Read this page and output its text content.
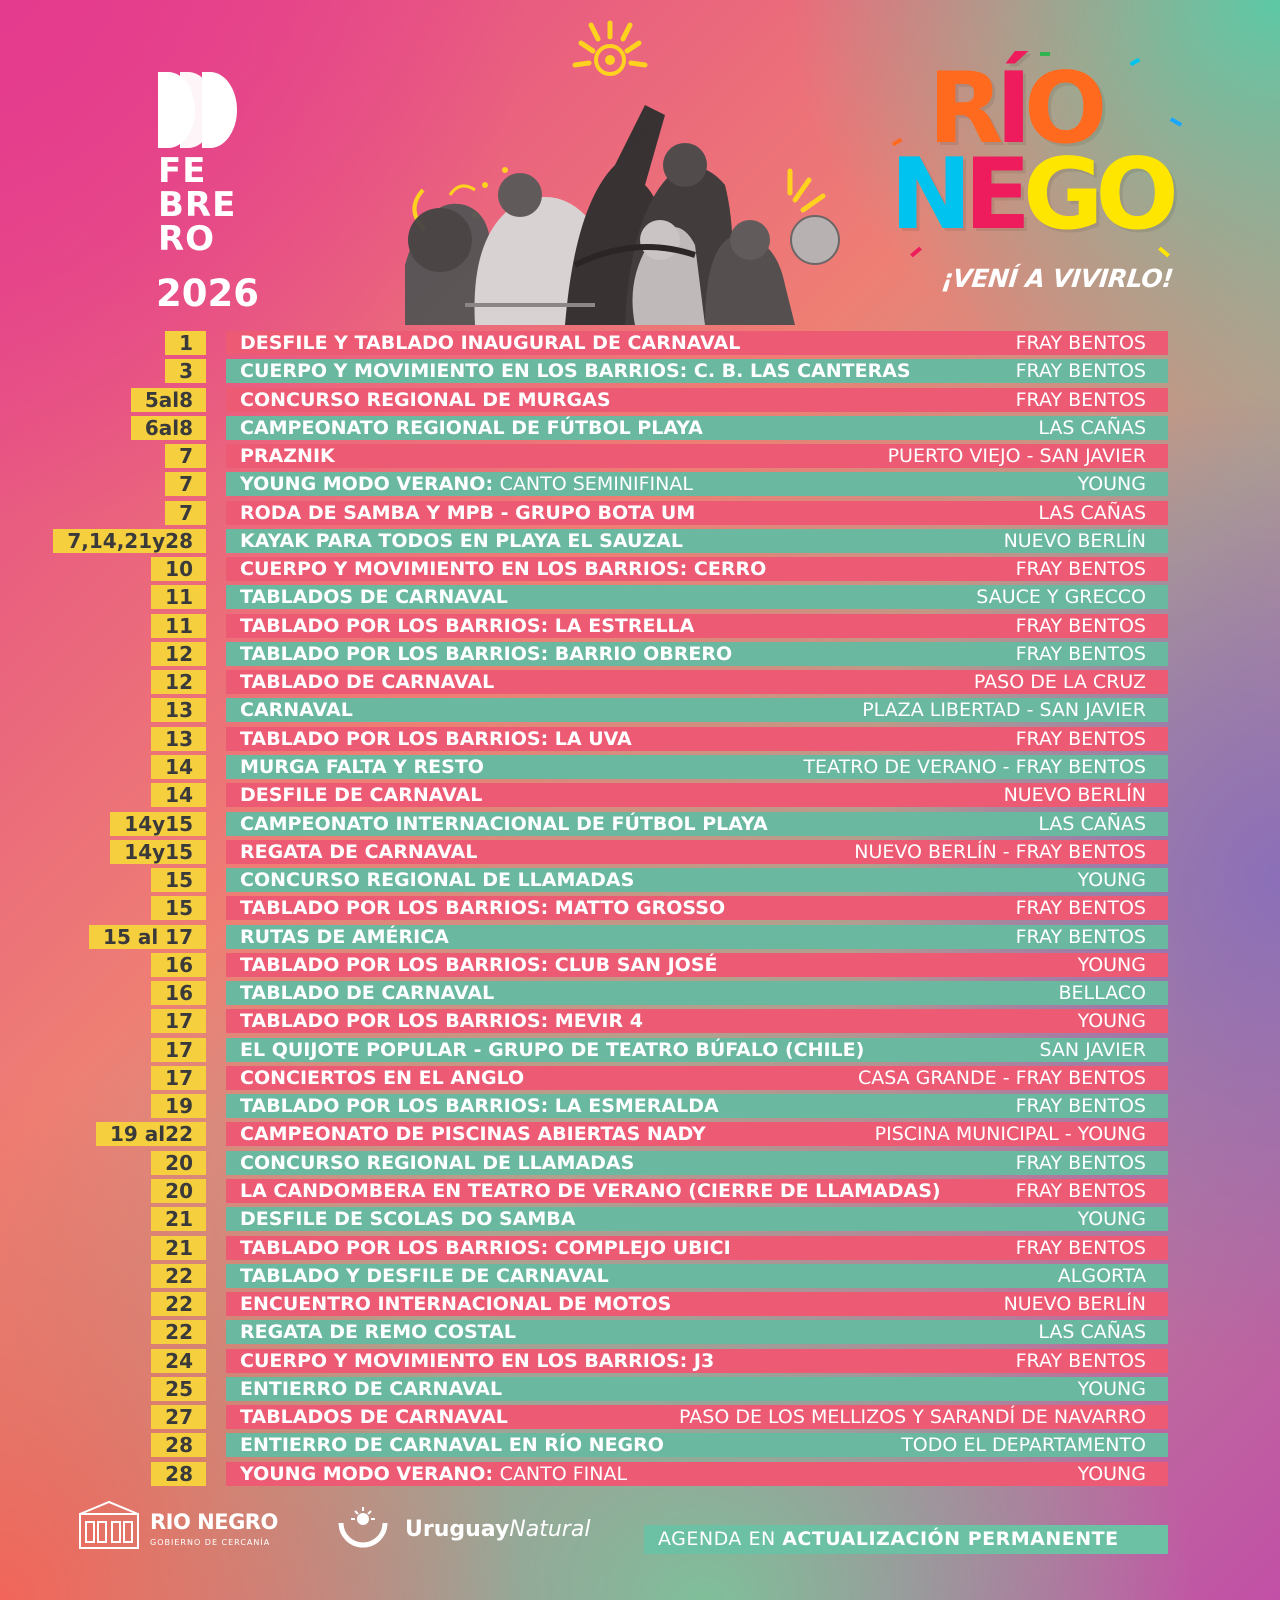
FE
BRE
RO
2026
RÍO
NEGO
¡VENÍ A VIVIRLO!
1	DESFILE Y TABLADO INAUGURAL DE CARNAVAL	FRAY BENTOS
3	CUERPO Y MOVIMIENTO EN LOS BARRIOS: C. B. LAS CANTERAS	FRAY BENTOS
5al8	CONCURSO REGIONAL DE MURGAS	FRAY BENTOS
6al8	CAMPEONATO REGIONAL DE FÚTBOL PLAYA	LAS CAÑAS
7	PRAZNIK	PUERTO VIEJO - SAN JAVIER
7	YOUNG MODO VERANO: CANTO SEMINIFINAL	YOUNG
7	RODA DE SAMBA Y MPB - GRUPO BOTA UM	LAS CAÑAS
7,14,21y28	KAYAK PARA TODOS EN PLAYA EL SAUZAL	NUEVO BERLÍN
10	CUERPO Y MOVIMIENTO EN LOS BARRIOS: CERRO	FRAY BENTOS
11	TABLADOS DE CARNAVAL	SAUCE Y GRECCO
11	TABLADO POR LOS BARRIOS: LA ESTRELLA	FRAY BENTOS
12	TABLADO POR LOS BARRIOS: BARRIO OBRERO	FRAY BENTOS
12	TABLADO DE CARNAVAL	PASO DE LA CRUZ
13	CARNAVAL	PLAZA LIBERTAD - SAN JAVIER
13	TABLADO POR LOS BARRIOS: LA UVA	FRAY BENTOS
14	MURGA FALTA Y RESTO	TEATRO DE VERANO - FRAY BENTOS
14	DESFILE DE CARNAVAL	NUEVO BERLÍN
14y15	CAMPEONATO INTERNACIONAL DE FÚTBOL PLAYA	LAS CAÑAS
14y15	REGATA DE CARNAVAL	NUEVO BERLÍN - FRAY BENTOS
15	CONCURSO REGIONAL DE LLAMADAS	YOUNG
15	TABLADO POR LOS BARRIOS: MATTO GROSSO	FRAY BENTOS
15 al 17	RUTAS DE AMÉRICA	FRAY BENTOS
16	TABLADO POR LOS BARRIOS: CLUB SAN JOSÉ	YOUNG
16	TABLADO DE CARNAVAL	BELLACO
17	TABLADO POR LOS BARRIOS: MEVIR 4	YOUNG
17	EL QUIJOTE POPULAR - GRUPO DE TEATRO BÚFALO (CHILE)	SAN JAVIER
17	CONCIERTOS EN EL ANGLO	CASA GRANDE - FRAY BENTOS
19	TABLADO POR LOS BARRIOS: LA ESMERALDA	FRAY BENTOS
19 al22	CAMPEONATO DE PISCINAS ABIERTAS NADY	PISCINA MUNICIPAL - YOUNG
20	CONCURSO REGIONAL DE LLAMADAS	FRAY BENTOS
20	LA CANDOMBERA EN TEATRO DE VERANO (CIERRE DE LLAMADAS)	FRAY BENTOS
21	DESFILE DE SCOLAS DO SAMBA	YOUNG
21	TABLADO POR LOS BARRIOS: COMPLEJO UBICI	FRAY BENTOS
22	TABLADO Y DESFILE DE CARNAVAL	ALGORTA
22	ENCUENTRO INTERNACIONAL DE MOTOS	NUEVO BERLÍN
22	REGATA DE REMO COSTAL	LAS CAÑAS
24	CUERPO Y MOVIMIENTO EN LOS BARRIOS: J3	FRAY BENTOS
25	ENTIERRO DE CARNAVAL	YOUNG
27	TABLADOS DE CARNAVAL	PASO DE LOS MELLIZOS Y SARANDÍ DE NAVARRO
28	ENTIERRO DE CARNAVAL EN RÍO NEGRO	TODO EL DEPARTAMENTO
28	YOUNG MODO VERANO: CANTO FINAL	YOUNG
RIO NEGRO
GOBIERNO DE CERCANÍA
UruguayNatural	AGENDA EN ACTUALIZACIÓN PERMANENTE
